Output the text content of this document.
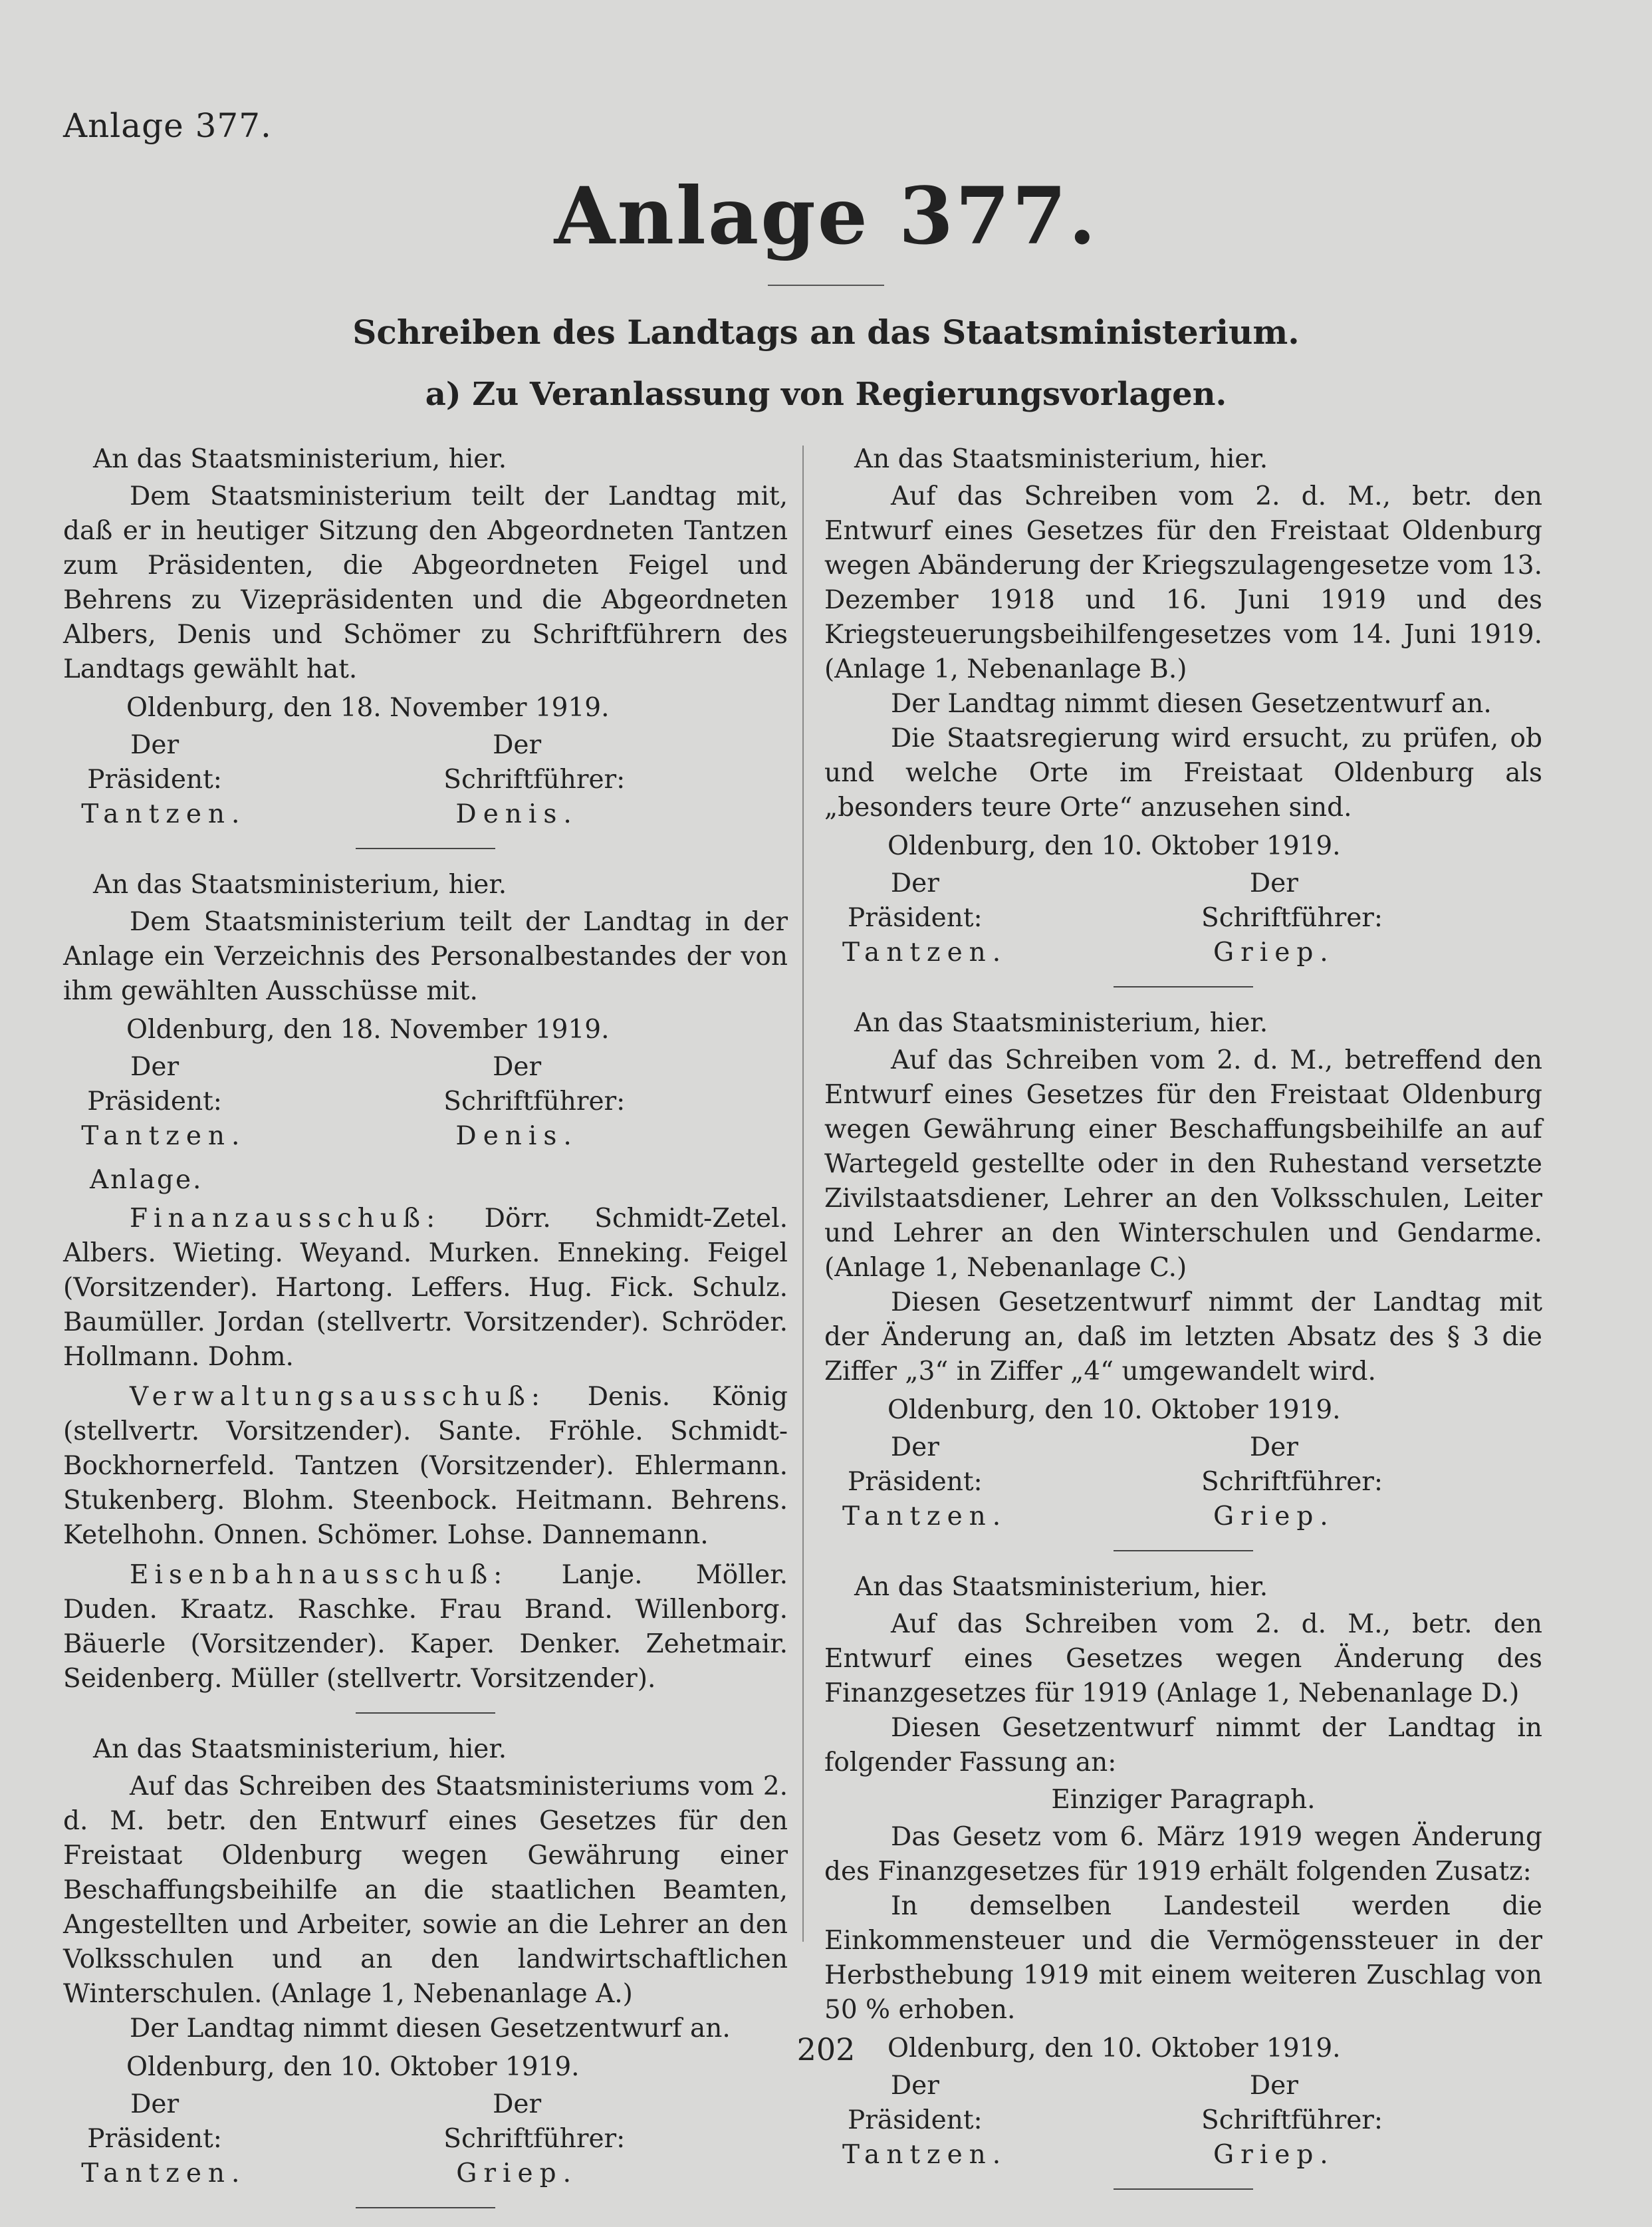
Anlage 377.
Anlage 377.
Schreiben des Landtags an das Staatsministerium.
a) Zu Veranlassung von Regierungsvorlagen.
An das Staatsministerium, hier.

Dem Staatsministerium teilt der Landtag mit, daß er in heutiger Sitzung den Abgeordneten Tantzen zum Präsidenten, die Abgeordneten Feigel und Behrens zu Vizepräsidenten und die Abgeordneten Albers, Denis und Schömer zu Schriftführern des Landtags gewählt hat.

Oldenburg, den 18. November 1919.
Der Präsident:
Tantzen.
Der Schriftführer:
Denis.
An das Staatsministerium, hier.

Dem Staatsministerium teilt der Landtag in der Anlage ein Verzeichnis des Personalbestandes der von ihm gewählten Ausschüsse mit.

Oldenburg, den 18. November 1919.
Der Präsident:
Tantzen.
Der Schriftführer:
Denis.
Anlage.

Finanzausschuß: Dörr. Schmidt-Zetel. Albers. Wieting. Weyand. Murken. Enneking. Feigel (Vorsitzender). Hartong. Leffers. Hug. Fick. Schulz. Baumüller. Jordan (stellvertr. Vorsitzender). Schröder. Hollmann. Dohm.

Verwaltungsausschuß: Denis. König (stellvertr. Vorsitzender). Sante. Fröhle. Schmidt-Bockhornerfeld. Tantzen (Vorsitzender). Ehlermann. Stukenberg. Blohm. Steenbock. Heitmann. Behrens. Ketelhohn. Onnen. Schömer. Lohse. Dannemann.

Eisenbahnausschuß: Lanje. Möller. Duden. Kraatz. Raschke. Frau Brand. Willenborg. Bäuerle (Vorsitzender). Kaper. Denker. Zehetmair. Seidenberg. Müller (stellvertr. Vorsitzender).

An das Staatsministerium, hier.

Auf das Schreiben des Staatsministeriums vom 2. d. M. betr. den Entwurf eines Gesetzes für den Freistaat Oldenburg wegen Gewährung einer Beschaffungsbeihilfe an die staatlichen Beamten, Angestellten und Arbeiter, sowie an die Lehrer an den Volksschulen und an den landwirtschaftlichen Winterschulen. (Anlage 1, Nebenanlage A.)

Der Landtag nimmt diesen Gesetzentwurf an.

Oldenburg, den 10. Oktober 1919.
Der Präsident:
Tantzen.
Der Schriftführer:
Griep.
An das Staatsministerium, hier.

Auf das Schreiben vom 2. d. M., betr. den Entwurf eines Gesetzes für den Freistaat Oldenburg wegen Abänderung der Kriegszulagengesetze vom 13. Dezember 1918 und 16. Juni 1919 und des Kriegsteuerungsbeihilfengesetzes vom 14. Juni 1919. (Anlage 1, Nebenanlage B.)

Der Landtag nimmt diesen Gesetzentwurf an.

Die Staatsregierung wird ersucht, zu prüfen, ob und welche Orte im Freistaat Oldenburg als „besonders teure Orte“ anzusehen sind.

Oldenburg, den 10. Oktober 1919.
Der Präsident:
Tantzen.
Der Schriftführer:
Griep.
An das Staatsministerium, hier.

Auf das Schreiben vom 2. d. M., betreffend den Entwurf eines Gesetzes für den Freistaat Oldenburg wegen Gewährung einer Beschaffungsbeihilfe an auf Wartegeld gestellte oder in den Ruhestand versetzte Zivilstaatsdiener, Lehrer an den Volksschulen, Leiter und Lehrer an den Winterschulen und Gendarme. (Anlage 1, Nebenanlage C.)

Diesen Gesetzentwurf nimmt der Landtag mit der Änderung an, daß im letzten Absatz des § 3 die Ziffer „3“ in Ziffer „4“ umgewandelt wird.

Oldenburg, den 10. Oktober 1919.
Der Präsident:
Tantzen.
Der Schriftführer:
Griep.
An das Staatsministerium, hier.

Auf das Schreiben vom 2. d. M., betr. den Entwurf eines Gesetzes wegen Änderung des Finanzgesetzes für 1919 (Anlage 1, Nebenanlage D.)

Diesen Gesetzentwurf nimmt der Landtag in folgender Fassung an:

Einziger Paragraph.

Das Gesetz vom 6. März 1919 wegen Änderung des Finanzgesetzes für 1919 erhält folgenden Zusatz:

In demselben Landesteil werden die Einkommensteuer und die Vermögenssteuer in der Herbsthebung 1919 mit einem weiteren Zuschlag von 50 % erhoben.

Oldenburg, den 10. Oktober 1919.
Der Präsident:
Tantzen.
Der Schriftführer:
Griep.
202
